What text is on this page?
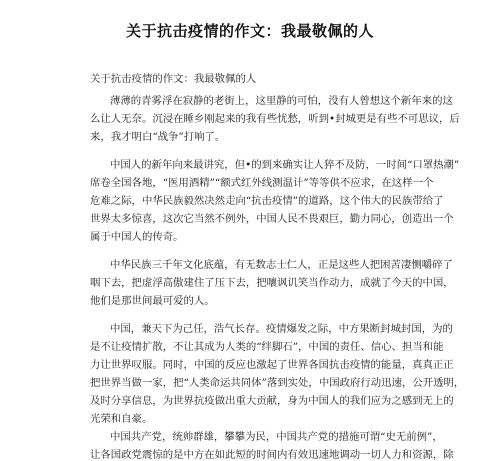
关于抗击疫情的作文：我最敬佩的人
关于抗击疫情的作文：我最敬佩的人
薄薄的青雾浮在寂静的老街上，这里静的可怕，没有人曾想这个新年来的这
么让人无奈。沉浸在睡乡刚起来的我有些忧愁，听到•封城更是有些不可思议，后
来，我才明白“战争”打响了。
中国人的新年向来最讲究，但•的到来确实让人猝不及防，一时间“口罩热潮”
席卷全国各地，“医用酒精”“额式红外线测温计”等等供不应求，在这样一个
危难之际，中华民族毅然决然走向“抗击疫情”的道路，这个伟大的民族带给了
世界太多惊喜，这次它当然不例外，中国人民不畏艰巨，勤力同心，创造出一个
属于中国人的传奇。
中华民族三千年文化底蕴，有无数志士仁人，正是这些人把困苦凄恻嚼碎了
咽下去，把虚浮高傲建住了压下去，把嚷讽讥笑当作动力，成就了今天的中国，
他们是那世间最可爱的人。
中国，兼天下为己任，浩气长存。疫情爆发之际，中方果断封城封国，为的
是不让疫情扩散，不让其成为人类的“绊脚石”，中国的责任、信心、担当和能
力让世界叹服。同时，中国的反应也激起了世界各国抗击疫情的能量，真真正正
把世界当做一家，把“人类命运共同体”落到实处，中国政府行动迅速，公开透明，
及时分享信息，为世界抗疫做出重大贡献，身为中国人的我们应为之感到无上的
光荣和自豪。
中国共产党，统帅群雄，攀攀为民，中国共产党的措施可谓“史无前例”，
让各国政党震惊的是中方在如此短的时间内有效迅速地调动一切人力和资源，除
